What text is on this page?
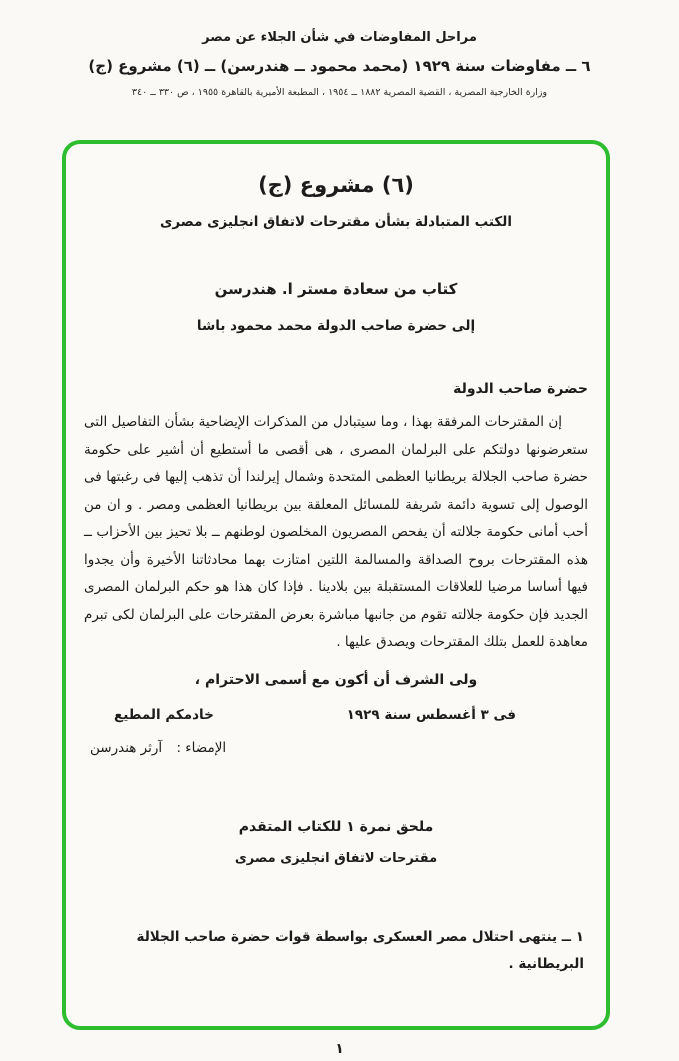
مراحل المفاوضات في شأن الجلاء عن مصر
٦ ــ مفاوضات سنة ١٩٢٩ (محمد محمود ــ هندرسن) ــ (٦) مشروع (ج)
وزارة الخارجية المصرية ، القضية المصرية ١٨٨٢ ــ ١٩٥٤ ، المطبعة الأميرية بالقاهرة ١٩٥٥ ، ص ٣٣٠ ــ ٣٤٠
(٦) مشروع (ج)
الكتب المتبادلة بشأن مقترحات لاتفاق انجليزى مصرى
كتاب من سعادة مستر ا. هندرسن
إلى حضرة صاحب الدولة محمد محمود باشا
حضرة صاحب الدولة
إن المقترحات المرفقة بهذا ، وما سيتبادل من المذكرات الإيضاحية بشأن التفاصيل التى ستعرضونها دولتكم على البرلمان المصرى ، هى أقصى ما أستطيع أن أشير على حكومة حضرة صاحب الجلالة بريطانيا العظمى المتحدة وشمال إيرلندا أن تذهب إليها فى رغبتها فى الوصول إلى تسوية دائمة شريفة للمسائل المعلقة بين بريطانيا العظمى ومصر . و ان من أحب أمانى حكومة جلالته أن يفحص المصريون المخلصون لوطنهم ــ بلا تحيز بين الأحزاب ــ هذه المقترحات بروح الصداقة والمسالمة اللتين امتازت بهما محادثاتنا الأخيرة وأن يجدوا فيها أساسا مرضيا للعلاقات المستقبلة بين بلادينا . فإذا كان هذا هو حكم البرلمان المصرى الجديد فإن حكومة جلالته تقوم من جانبها مباشرة بعرض المقترحات على البرلمان لكى تبرم معاهدة للعمل بتلك المقترحات ويصدق عليها .
ولى الشرف أن أكون مع أسمى الاحترام ،
فى ٣ أغسطس سنة ١٩٢٩
خادمكم المطيع
الإمضاء : آرثر هندرسن
ملحق نمرة ١ للكتاب المتقدم
مقترحات لاتفاق انجليزى مصرى
١ ــ ينتهى احتلال مصر العسكرى بواسطة قوات حضرة صاحب الجلالة البريطانية .
١
